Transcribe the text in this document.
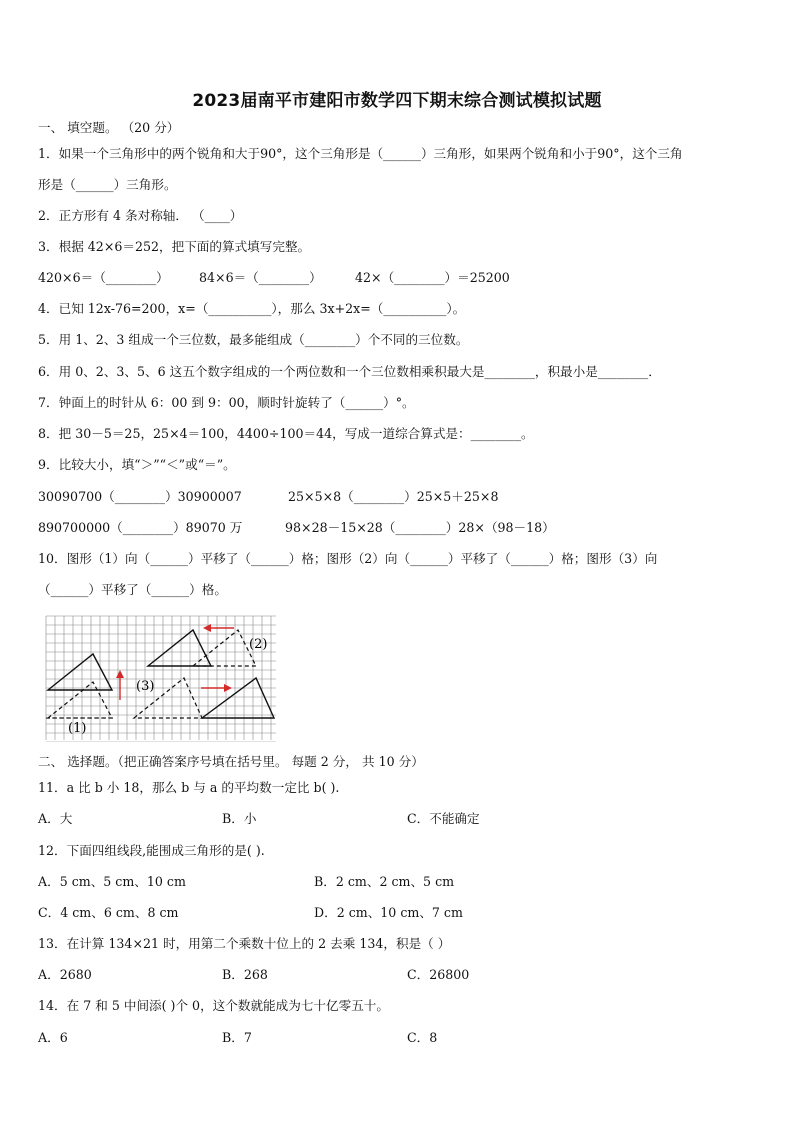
2023届南平市建阳市数学四下期末综合测试模拟试题
一、 填空题。 （20 分）
1．如果一个三角形中的两个锐角和大于90°，这个三角形是（______）三角形，如果两个锐角和小于90°，这个三角
形是（______）三角形。
2．正方形有 4 条对称轴． （____）
3．根据 42×6＝252，把下面的算式填写完整。
420×6＝（________） 84×6＝（________）	42×（________）＝25200
4．已知 12x-76=200，x=（__________），那么 3x+2x=（__________）。
5．用 1、2、3 组成一个三位数，最多能组成（________）个不同的三位数。
6．用 0、2、3、5、6 这五个数字组成的一个两位数和一个三位数相乘积最大是________，积最小是________．
7．钟面上的时针从 6：00 到 9：00，顺时针旋转了（______）°。
8．把 30－5＝25，25×4＝100，4400÷100＝44，写成一道综合算式是：________。
9．比较大小，填“＞”“＜”或“＝”。
30090700（________）30900007	25×5×8（________）25×5＋25×8
890700000（________）89070 万	98×28－15×28（________）28×（98－18）
10．图形（1）向（______）平移了（______）格；图形（2）向（______）平移了（______）格；图形（3）向
（______）平移了（______）格。
(1)
(2)
(3)
二、 选择题。（把正确答案序号填在括号里。 每题 2 分， 共 10 分）
11．a 比 b 小 18，那么 b 与 a 的平均数一定比 b( ).
A．大	B．小	C．不能确定
12．下面四组线段,能围成三角形的是( ).
A．5 cm、5 cm、10 cm	B．2 cm、2 cm、5 cm
C．4 cm、6 cm、8 cm	D．2 cm、10 cm、7 cm
13．在计算 134×21 时，用第二个乘数十位上的 2 去乘 134，积是（ ）
A．2680	B．268	C．26800
14．在 7 和 5 中间添( )个 0，这个数就能成为七十亿零五十。
A．6	B．7	C．8
